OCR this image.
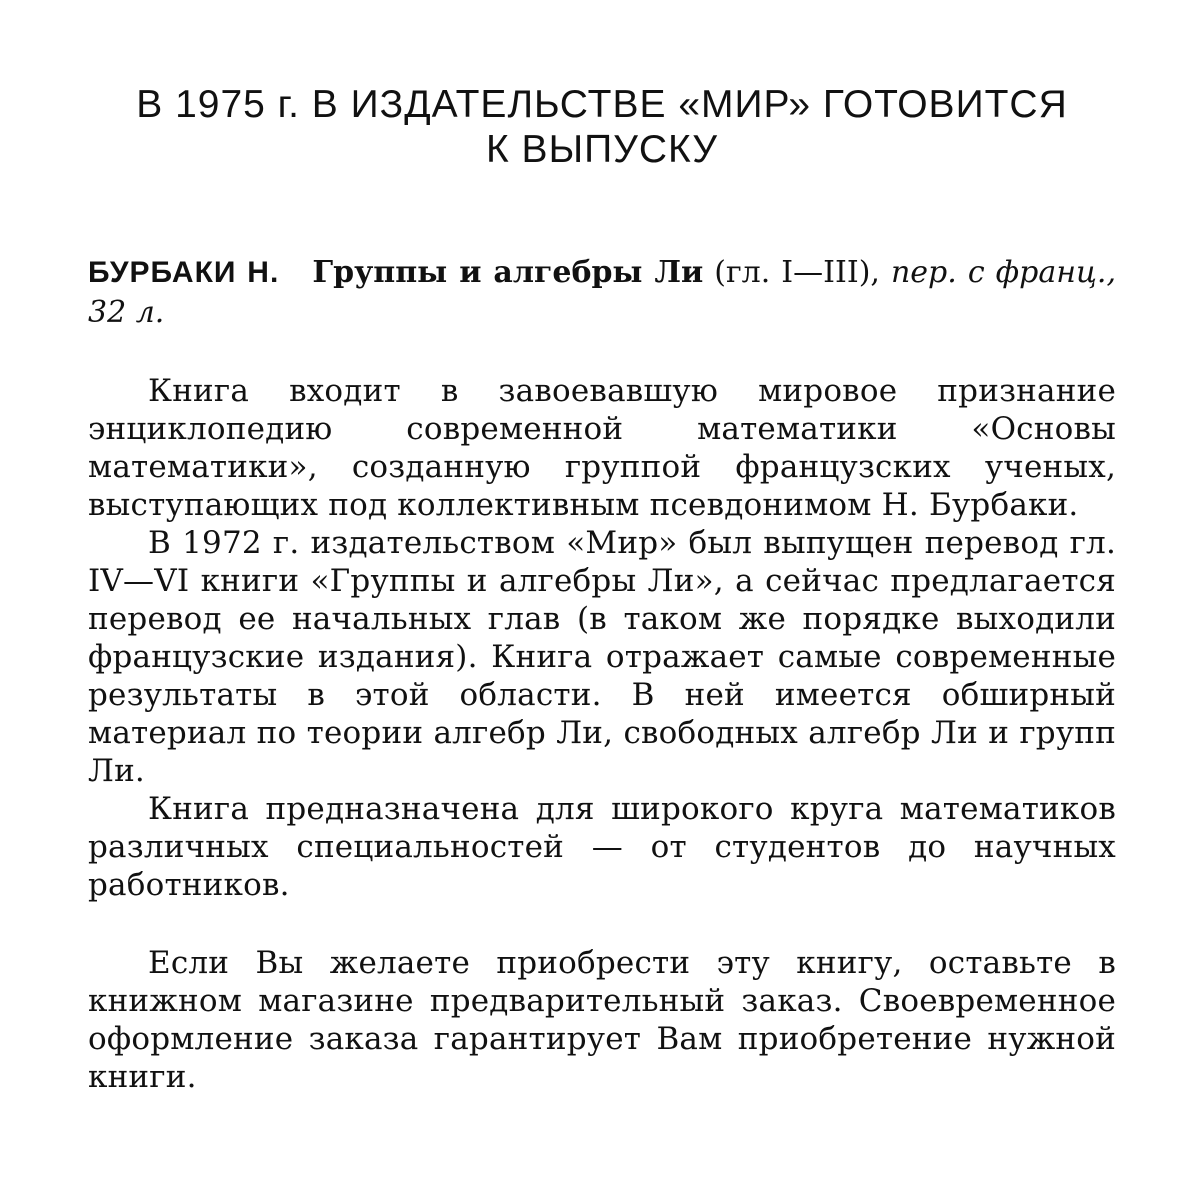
В 1975 г. В ИЗДАТЕЛЬСТВЕ «МИР» ГОТОВИТСЯ
К ВЫПУСКУ
БУРБАКИ Н. Группы и алгебры Ли (гл. I—III), пер. с франц., 32 л.

Книга входит в завоевавшую мировое признание энциклопедию современной математики «Основы математики», созданную группой французских ученых, выступающих под коллективным псевдонимом Н. Бурбаки.

В 1972 г. издательством «Мир» был выпущен перевод гл. IV—VI книги «Группы и алгебры Ли», а сейчас предлагается перевод ее начальных глав (в таком же порядке выходили французские издания). Книга отражает самые современные результаты в этой области. В ней имеется обширный материал по теории алгебр Ли, свободных алгебр Ли и групп Ли.

Книга предназначена для широкого круга математиков различных специальностей — от студентов до научных работников.

Если Вы желаете приобрести эту книгу, оставьте в книжном магазине предварительный заказ. Своевременное оформление заказа гарантирует Вам приобретение нужной книги.
